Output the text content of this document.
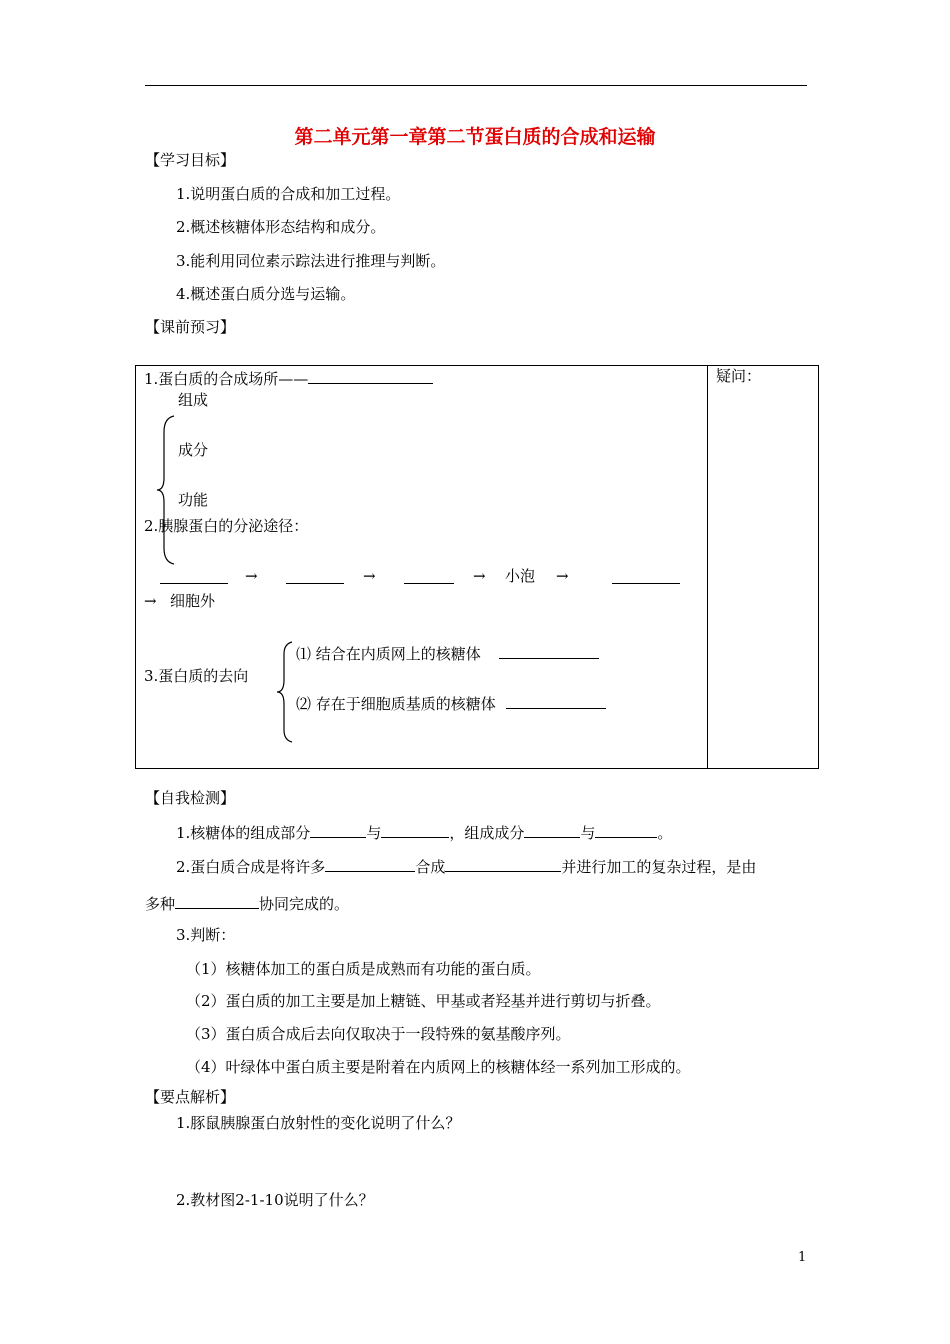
第二单元第一章第二节蛋白质的合成和运输
【学习目标】
1.说明蛋白质的合成和加工过程。
2.概述核糖体形态结构和成分。
3.能利用同位素示踪法进行推理与判断。
4.概述蛋白质分选与运输。
【课前预习】
疑问：
1.蛋白质的合成场所——
组成
成分
功能
2.胰腺蛋白的分泌途径：
→	→	→ 小泡 →
→ 细胞外
3.蛋白质的去向
⑴ 结合在内质网上的核糖体
⑵ 存在于细胞质基质的核糖体
【自我检测】
1.核糖体的组成部分	与	，组成成分	与	。
2.蛋白质合成是将许多	合成	并进行加工的复杂过程，是由
多种	协同完成的。
3.判断：
（1）核糖体加工的蛋白质是成熟而有功能的蛋白质。
（2）蛋白质的加工主要是加上糖链、甲基或者羟基并进行剪切与折叠。
（3）蛋白质合成后去向仅取决于一段特殊的氨基酸序列。
（4）叶绿体中蛋白质主要是附着在内质网上的核糖体经一系列加工形成的。
【要点解析】
1.豚鼠胰腺蛋白放射性的变化说明了什么？
2.教材图2-1-10说明了什么？
1
